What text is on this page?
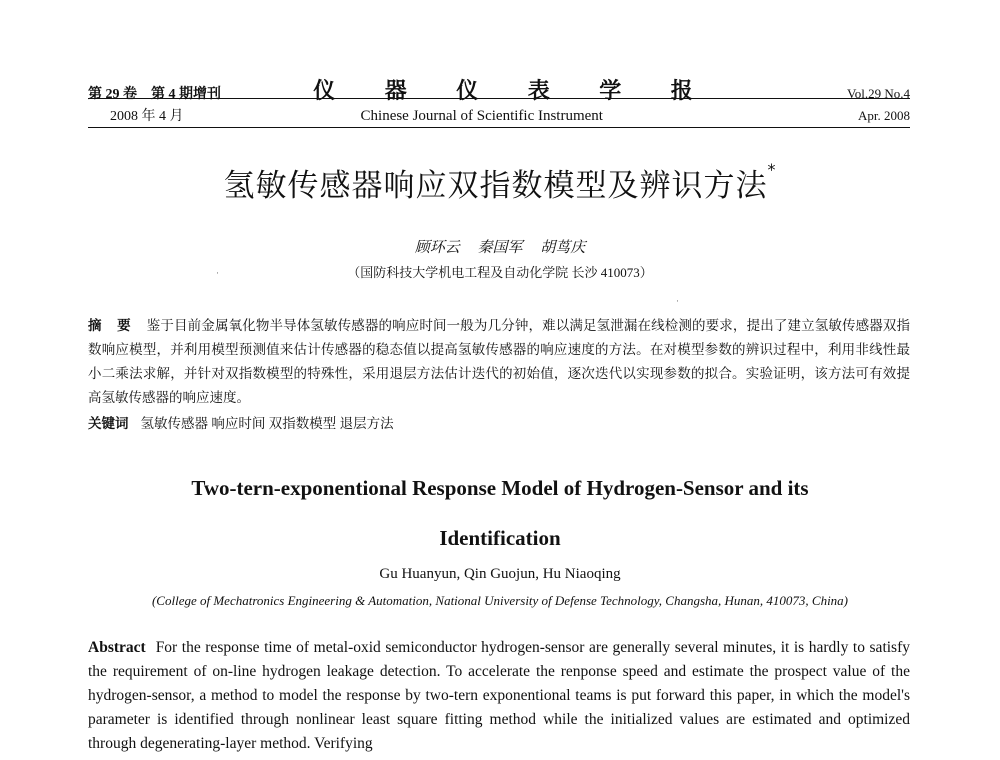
第 29 卷　第 4 期增刊	仪 器 仪 表 学 报	Vol.29 No.4
2008 年 4 月	Chinese Journal of Scientific Instrument	Apr. 2008
氢敏传感器响应双指数模型及辨识方法*
顾环云 秦国军 胡茑庆
（国防科技大学机电工程及自动化学院 长沙 410073）
·
·
摘 要 鉴于目前金属氧化物半导体氢敏传感器的响应时间一般为几分钟，难以满足氢泄漏在线检测的要求，提出了建立氢敏传感器双指数响应模型，并利用模型预测值来估计传感器的稳态值以提高氢敏传感器的响应速度的方法。在对模型参数的辨识过程中，利用非线性最小二乘法求解，并针对双指数模型的特殊性，采用退层方法估计迭代的初始值，逐次迭代以实现参数的拟合。实验证明，该方法可有效提高氢敏传感器的响应速度。
关键词 氢敏传感器 响应时间 双指数模型 退层方法
Two-tern-exponentional Response Model of Hydrogen-Sensor and its Identification
Gu Huanyun, Qin Guojun, Hu Niaoqing
(College of Mechatronics Engineering & Automation, National University of Defense Technology, Changsha, Hunan, 410073, China)
Abstract For the response time of metal-oxid semiconductor hydrogen-sensor are generally several minutes, it is hardly to satisfy the requirement of on-line hydrogen leakage detection. To accelerate the renponse speed and estimate the prospect value of the hydrogen-sensor, a method to model the response by two-tern exponentional teams is put forward this paper, in which the model's parameter is identified through nonlinear least square fitting method while the initialized values are estimated and optimized through degenerating-layer method. Verifying
